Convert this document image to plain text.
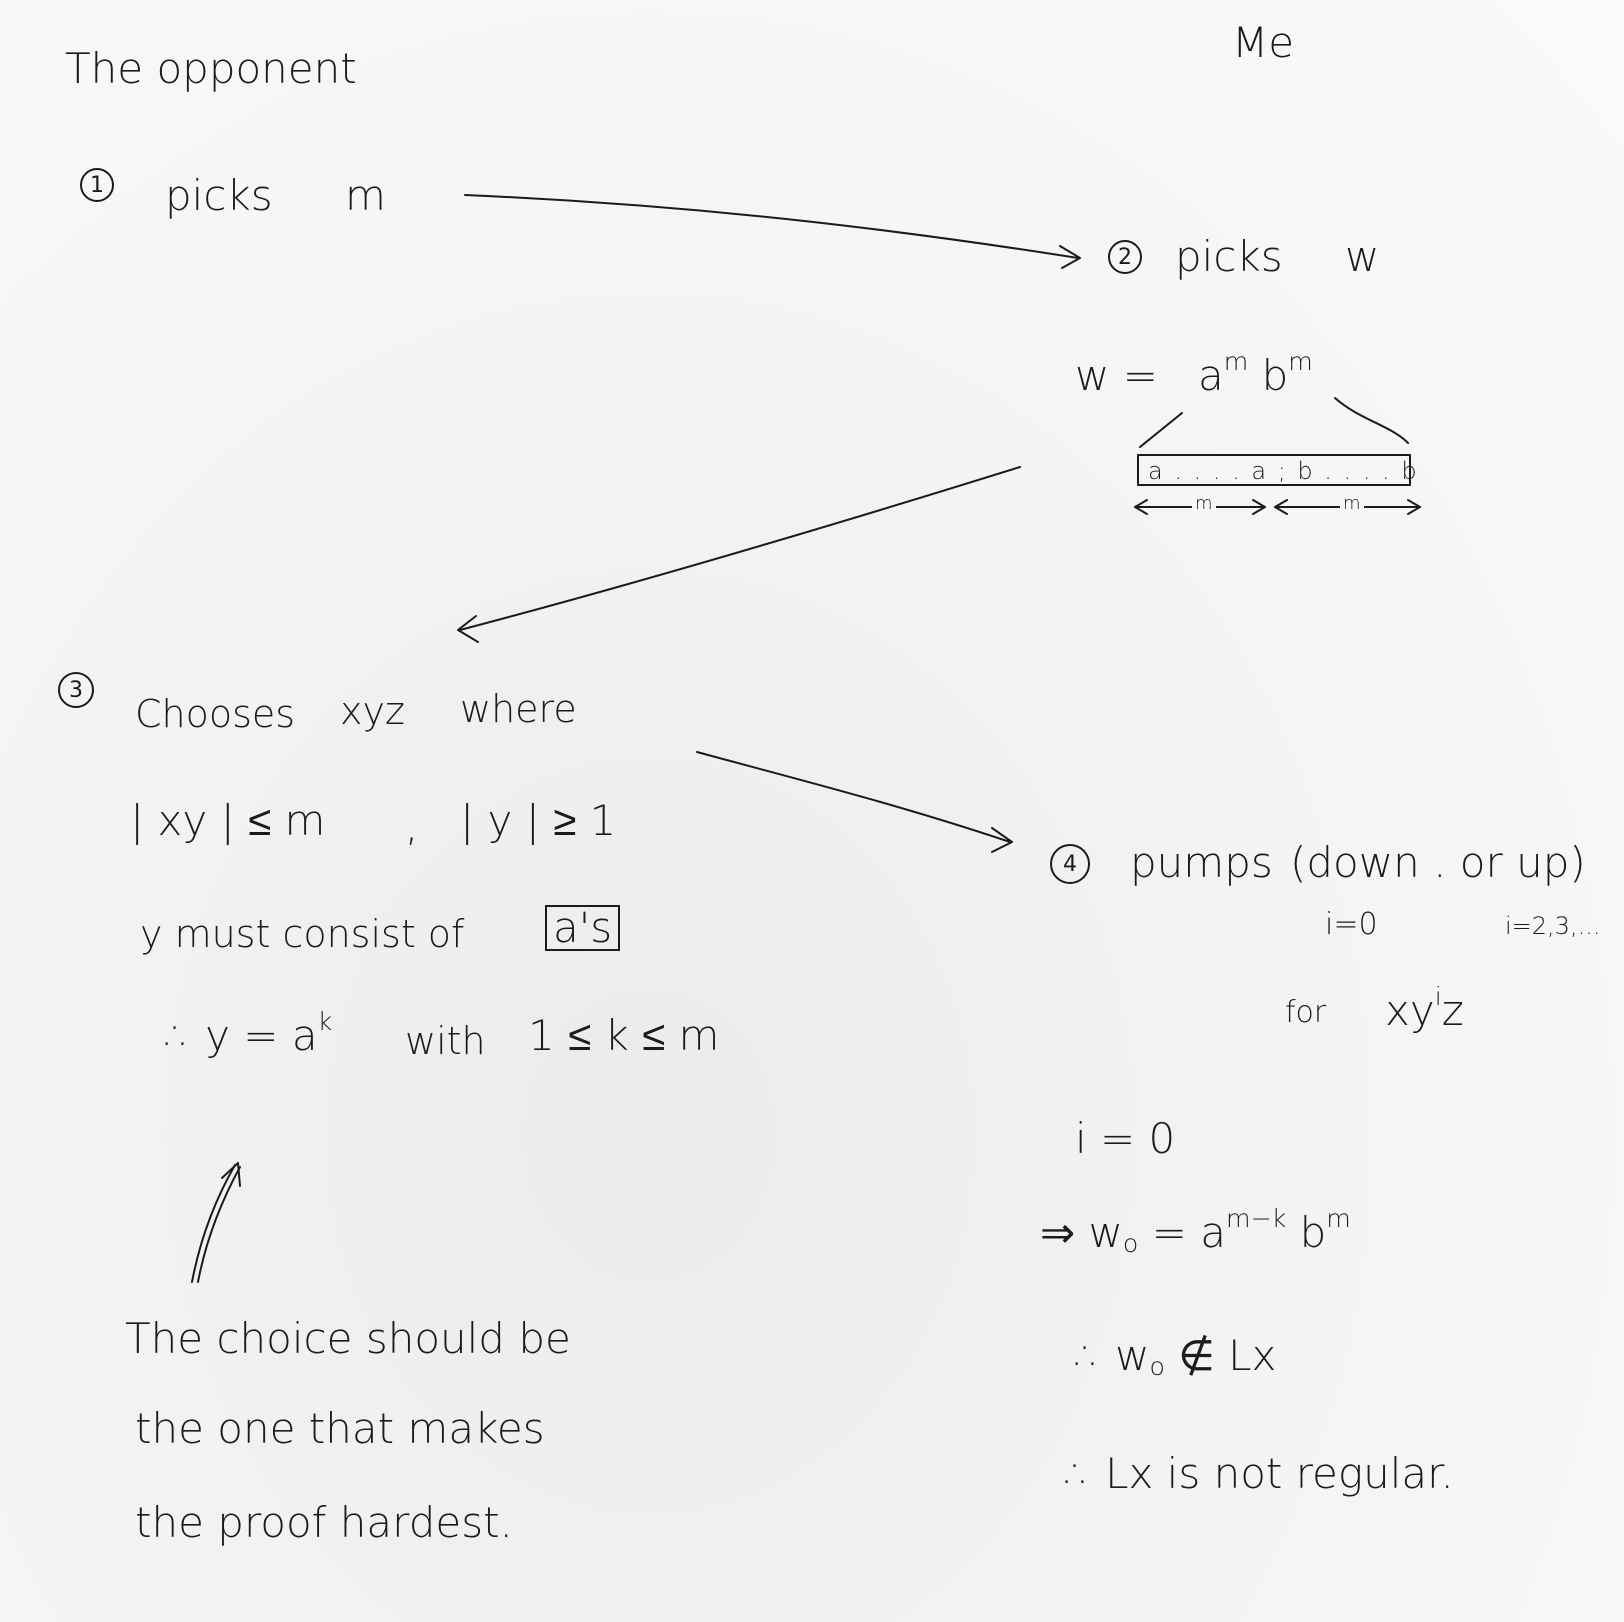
The opponent
Me
1 picks m
2 picks w
$w = a^m$ $b^m$
a . . . . a ; b . . . . b
m	m
3
Chooses xyz where
| xy | ≤ m , | y | ≥ 1
y must consist of a's
∴ $y = a^k$ with 1 ≤ k ≤ m
4	pumps (down . or up)
i=0	i=2,3,...
for $xy^iz$
i = 0
⇒ $w_o = a^{m-k}$ $b^m$
∴ $w_o$ ∉ Lx
∴ Lx is not regular.
The choice should be
the one that makes
the proof hardest.
